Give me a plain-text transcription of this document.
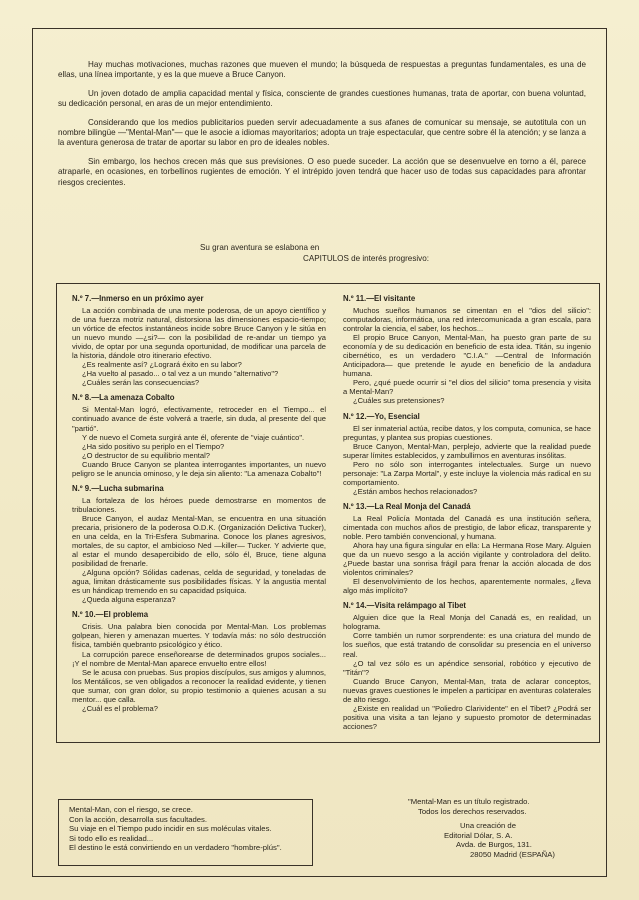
Hay muchas motivaciones, muchas razones que mueven el mundo; la búsqueda de respuestas a preguntas fundamentales, es una de ellas, una línea importante, y es la que mueve a Bruce Canyon.

Un joven dotado de amplia capacidad mental y física, consciente de grandes cuestiones humanas, trata de aportar, con buena voluntad, su dedicación personal, en aras de un mejor entendimiento.

Considerando que los medios publicitarios pueden servir adecuadamente a sus afanes de comunicar su mensaje, se autotitula con un nombre bilingüe —"Mental-Man"— que le asocie a idiomas mayoritarios; adopta un traje espectacular, que centre sobre él la atención; y se lanza a la aventura generosa de tratar de aportar su labor en pro de ideales nobles.

Sin embargo, los hechos crecen más que sus previsiones. O eso puede suceder. La acción que se desenvuelve en torno a él, parece atraparle, en ocasiones, en torbellinos rugientes de emoción. Y el intrépido joven tendrá que hacer uso de todas sus capacidades para afrontar riesgos crecientes.

Su gran aventura se eslabona en
CAPITULOS de interés progresivo:
N.º 7.—Inmerso en un próximo ayer

La acción combinada de una mente poderosa, de un apoyo científico y de una fuerza motriz natural, distorsiona las dimensiones espacio-tiempo; un vórtice de efectos instantáneos incide sobre Bruce Canyon y le sitúa en un nuevo mundo —¿si?— con la posibilidad de re-andar un tiempo ya vivido, de optar por una segunda oportunidad, de modificar una parcela de la historia, dándole otro itinerario efectivo.

¿Es realmente así? ¿Logrará éxito en su labor?

¿Ha vuelto al pasado... o tal vez a un mundo "alternativo"?

¿Cuáles serán las consecuencias?

N.º 8.—La amenaza Cobalto

Si Mental-Man logró, efectivamente, retroceder en el Tiempo... el continuado avance de éste volverá a traerle, sin duda, al presente del que "partió".

Y de nuevo el Cometa surgirá ante él, oferente de "viaje cuántico".

¿Ha sido positivo su periplo en el Tiempo?

¿O destructor de su equilibrio mental?

Cuando Bruce Canyon se plantea interrogantes importantes, un nuevo peligro se le anuncia ominoso, y le deja sin aliento: "La amenaza Cobalto"!

N.º 9.—Lucha submarina

La fortaleza de los héroes puede demostrarse en momentos de tribulaciones.

Bruce Canyon, el audaz Mental-Man, se encuentra en una situación precaria, prisionero de la poderosa O.D.K. (Organización Delictiva Tucker), en una celda, en la Tri-Esfera Submarina. Conoce los planes agresivos, mortales, de su captor, el ambicioso Ned —killer— Tucker. Y advierte que, al estar el mundo desapercibido de ello, sólo él, Bruce, tiene alguna posibilidad de frenarle.

¿Alguna opción? Sólidas cadenas, celda de seguridad, y toneladas de agua, limitan drásticamente sus posibilidades físicas. Y la angustia mental es un hándicap tremendo en su capacidad psíquica.

¿Queda alguna esperanza?

N.º 10.—El problema

Crisis. Una palabra bien conocida por Mental-Man. Los problemas golpean, hieren y amenazan muertes. Y todavía más: no sólo destrucción física, también quebranto psicológico y ético.

La corrupción parece enseñorearse de determinados grupos sociales... ¡Y el nombre de Mental-Man aparece envuelto entre ellos!

Se le acusa con pruebas. Sus propios discípulos, sus amigos y alumnos, los Mentálicos, se ven obligados a reconocer la realidad evidente, y tienen que sumar, con gran dolor, su propio testimonio a quienes acusan a su mentor... que calla.

¿Cuál es el problema?

N.º 11.—El visitante

Muchos sueños humanos se cimentan en el "dios del silicio": computadoras, informática, una red intercomunicada a gran escala, para controlar la ciencia, el saber, los hechos...

El propio Bruce Canyon, Mental-Man, ha puesto gran parte de su economía y de su dedicación en beneficio de esta idea. Titán, su ingenio cibernético, es un verdadero "C.I.A." —Central de Información Anticipadora— que pretende le ayude en beneficio de la andadura humana.

Pero, ¿qué puede ocurrir si "el dios del silicio" toma presencia y visita a Mental-Man?

¿Cuáles sus pretensiones?

N.º 12.—Yo, Esencial

El ser inmaterial actúa, recibe datos, y los computa, comunica, se hace preguntas, y plantea sus propias cuestiones.

Bruce Canyon, Mental-Man, perplejo, advierte que la realidad puede superar límites establecidos, y zambullirnos en aventuras insólitas.

Pero no sólo son interrogantes intelectuales. Surge un nuevo personaje: "La Zarpa Mortal", y este incluye la violencia más radical en su comportamiento.

¿Están ambos hechos relacionados?

N.º 13.—La Real Monja del Canadá

La Real Policía Montada del Canadá es una institución señera, cimentada con muchos años de prestigio, de labor eficaz, transparente y noble. Pero también convencional, y humana.

Ahora hay una figura singular en ella: La Hermana Rose Mary. Alguien que da un nuevo sesgo a la acción vigilante y controladora del delito. ¿Puede bastar una sonrisa frágil para frenar la acción alocada de dos violentos criminales?

El desenvolvimiento de los hechos, aparentemente normales, ¿lleva algo más implícito?

N.º 14.—Visita relámpago al Tibet

Alguien dice que la Real Monja del Canadá es, en realidad, un holograma.

Corre también un rumor sorprendente: es una criatura del mundo de los sueños, que está tratando de consolidar su presencia en el universo real.

¿O tal vez sólo es un apéndice sensorial, robótico y ejecutivo de "Titán"?

Cuando Bruce Canyon, Mental-Man, trata de aclarar conceptos, nuevas graves cuestiones le impelen a participar en aventuras colaterales de alto riesgo.

¿Existe en realidad un "Poliedro Clarividente" en el Tibet? ¿Podrá ser positiva una visita a tan lejano y supuesto promotor de determinadas acciones?

Mental-Man, con el riesgo, se crece.
Con la acción, desarrolla sus facultades.
Su viaje en el Tiempo pudo incidir en sus moléculas vitales.
Si todo ello es realidad...
El destino le está convirtiendo en un verdadero "hombre-plús".
"Mental-Man es un título registrado.
Todos los derechos reservados.
Una creación de
Editorial Dólar, S. A.
Avda. de Burgos, 131.
28050 Madrid (ESPAÑA)
